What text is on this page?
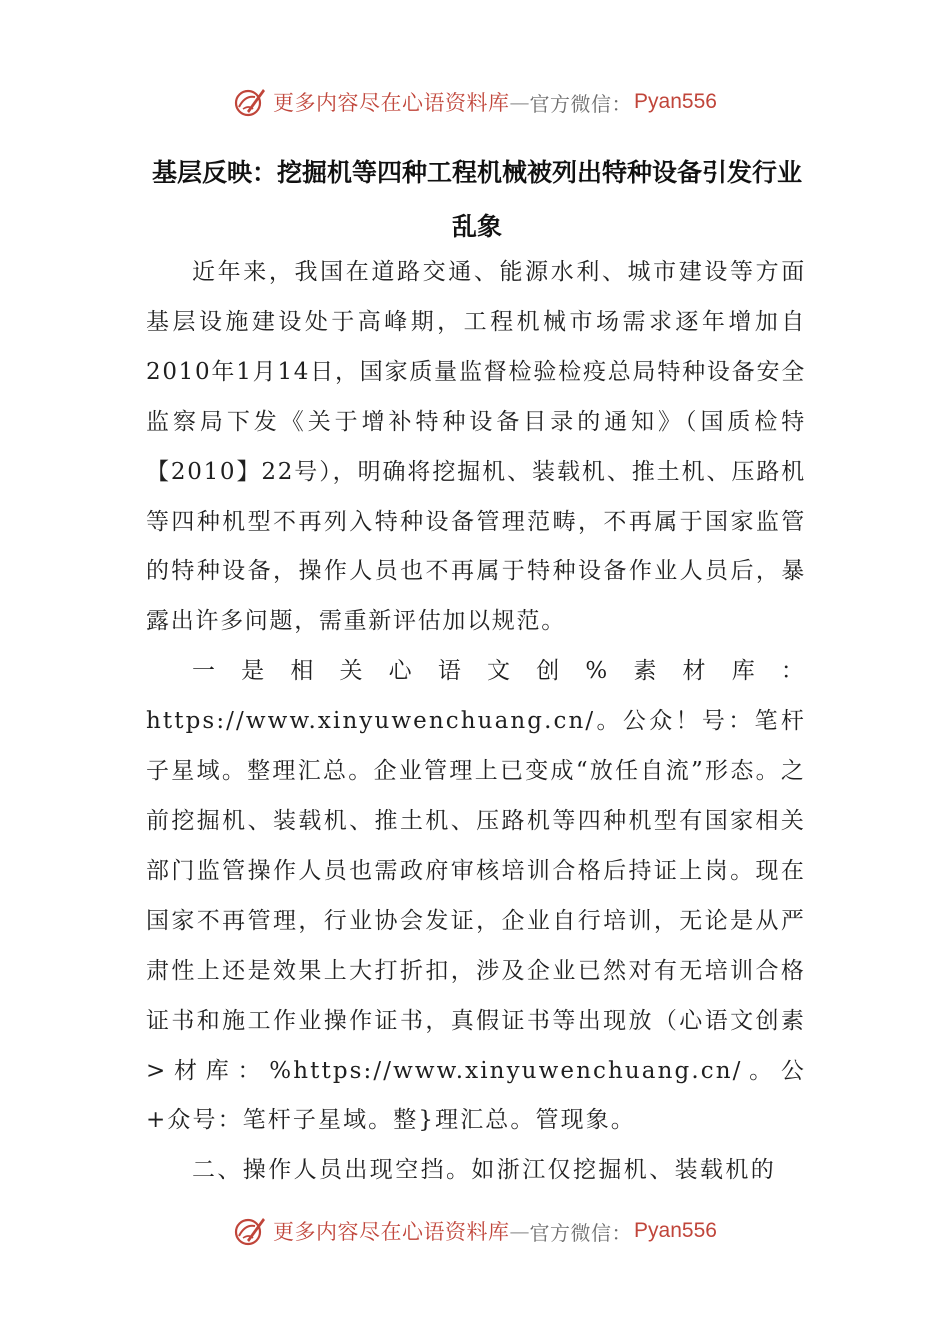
更多内容尽在心语资料库 — 官方微信： Pyan556
基层反映：挖掘机等四种工程机械被列出特种设备引发行业乱象

近年来，我国在道路交通、能源水利、城市建设等方面基层设施建设处于高峰期，工程机械市场需求逐年增加自2010年1月14日，国家质量监督检验检疫总局特种设备安全监察局下发《关于增补特种设备目录的通知》（国质检特【2010】22号），明确将挖掘机、装载机、推土机、压路机等四种机型不再列入特种设备管理范畴，不再属于国家监管的特种设备，操作人员也不再属于特种设备作业人员后，暴露出许多问题，需重新评估加以规范。

一是相关心语文创%素材库：https://www.xinyuwenchuang.cn/。公众！号：笔杆子星域。整理汇总。企业管理上已变成“放任自流”形态。之前挖掘机、装载机、推土机、压路机等四种机型有国家相关部门监管操作人员也需政府审核培训合格后持证上岗。现在国家不再管理，行业协会发证，企业自行培训，无论是从严肃性上还是效果上大打折扣，涉及企业已然对有无培训合格证书和施工作业操作证书，真假证书等出现放（心语文创素>材库：%https://www.xinyuwenchuang.cn/。公+众号：笔杆子星域。整}理汇总。管现象。

二、操作人员出现空挡。如浙江仅挖掘机、装载机的

更多内容尽在心语资料库 — 官方微信： Pyan556
